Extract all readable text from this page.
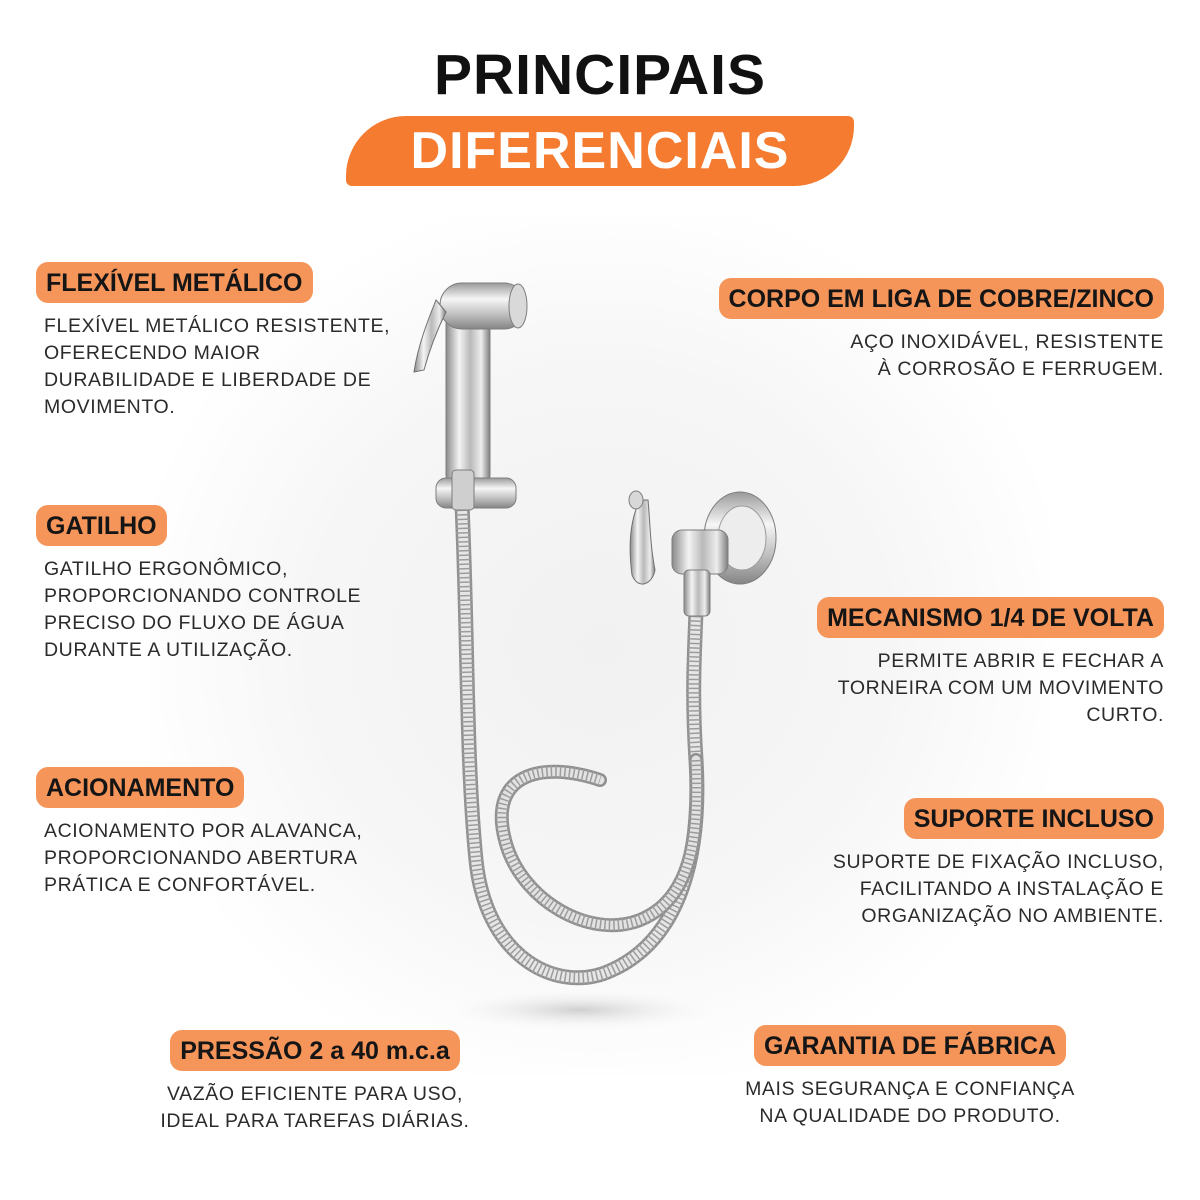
PRINCIPAIS
DIFERENCIAIS
FLEXÍVEL METÁLICO
FLEXÍVEL METÁLICO RESISTENTE,
OFERECENDO MAIOR
DURABILIDADE E LIBERDADE DE
MOVIMENTO.
GATILHO
GATILHO ERGONÔMICO,
PROPORCIONANDO CONTROLE
PRECISO DO FLUXO DE ÁGUA
DURANTE A UTILIZAÇÃO.
ACIONAMENTO
ACIONAMENTO POR ALAVANCA,
PROPORCIONANDO ABERTURA
PRÁTICA E CONFORTÁVEL.
PRESSÃO 2 a 40 m.c.a
VAZÃO EFICIENTE PARA USO,
IDEAL PARA TAREFAS DIÁRIAS.
CORPO EM LIGA DE COBRE/ZINCO
AÇO INOXIDÁVEL, RESISTENTE
À CORROSÃO E FERRUGEM.
MECANISMO 1/4 DE VOLTA
PERMITE ABRIR E FECHAR A
TORNEIRA COM UM MOVIMENTO
CURTO.
SUPORTE INCLUSO
SUPORTE DE FIXAÇÃO INCLUSO,
FACILITANDO A INSTALAÇÃO E
ORGANIZAÇÃO NO AMBIENTE.
GARANTIA DE FÁBRICA
MAIS SEGURANÇA E CONFIANÇA
NA QUALIDADE DO PRODUTO.
